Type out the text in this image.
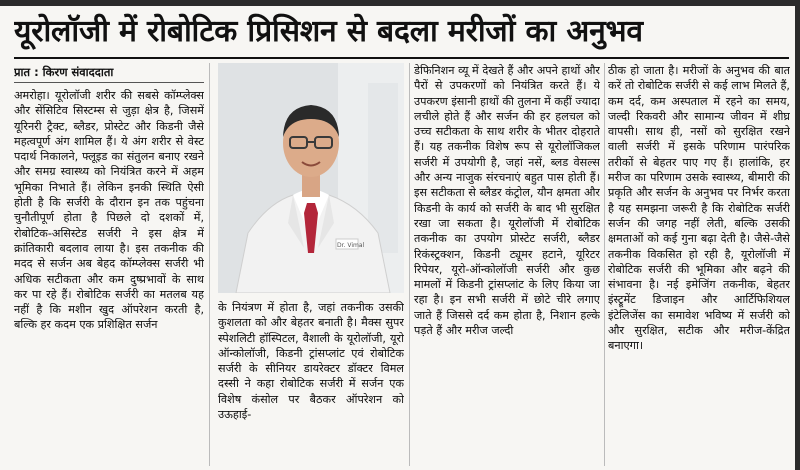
यूरोलॉजी में रोबोटिक प्रिसिशन से बदला मरीजों का अनुभव
प्रात : किरण संवाददाता
अमरोहा। यूरोलॉजी शरीर की सबसे कॉम्प्लेक्स और सेंसिटिव सिस्टम्स से जुड़ा क्षेत्र है, जिसमें यूरिनरी ट्रैक्ट, ब्लैडर, प्रोस्टेट और किडनी जैसे महत्वपूर्ण अंग शामिल हैं। ये अंग शरीर से वेस्ट पदार्थ निकालने, फ्लूइड का संतुलन बनाए रखने और समग्र स्वास्थ्य को नियंत्रित करने में अहम भूमिका निभाते हैं। लेकिन इनकी स्थिति ऐसी होती है कि सर्जरी के दौरान इन तक पहुंचना चुनौतीपूर्ण होता है पिछले दो दशकों में, रोबोटिक-असिस्टेड सर्जरी ने इस क्षेत्र में क्रांतिकारी बदलाव लाया है। इस तकनीक की मदद से सर्जन अब बेहद कॉम्प्लेक्स सर्जरी भी अधिक सटीकता और कम दुष्प्रभावों के साथ कर पा रहे हैं। रोबोटिक सर्जरी का मतलब यह नहीं है कि मशीन खुद ऑपरेशन करती है, बल्कि हर कदम एक प्रशिक्षित सर्जन
Dr. Vimal
के नियंत्रण में होता है, जहां तकनीक उसकी कुशलता को और बेहतर बनाती है। मैक्स सुपर स्पेशलिटी हॉस्पिटल, वैशाली के यूरोलॉजी, यूरो ऑन्कोलॉजी, किडनी ट्रांसप्लांट एवं रोबोटिक सर्जरी के सीनियर डायरेक्टर डॉक्टर विमल दस्सी ने कहा रोबोटिक सर्जरी में सर्जन एक विशेष कंसोल पर बैठकर ऑपरेशन को उऊहाई-
डेफिनिशन व्यू में देखते हैं और अपने हाथों और पैरों से उपकरणों को नियंत्रित करते हैं। ये उपकरण इंसानी हाथों की तुलना में कहीं ज्यादा लचीले होते हैं और सर्जन की हर हलचल को उच्च सटीकता के साथ शरीर के भीतर दोहराते हैं। यह तकनीक विशेष रूप से यूरोलॉजिकल सर्जरी में उपयोगी है, जहां नसें, ब्लड वेसल्स और अन्य नाजुक संरचनाएं बहुत पास होती हैं। इस सटीकता से ब्लैडर कंट्रोल, यौन क्षमता और किडनी के कार्य को सर्जरी के बाद भी सुरक्षित रखा जा सकता है। यूरोलॉजी में रोबोटिक तकनीक का उपयोग प्रोस्टेट सर्जरी, ब्लैडर रिकंस्ट्रक्शन, किडनी ट्यूमर हटाने, यूरिटर रिपेयर, यूरो-ऑन्कोलॉजी सर्जरी और कुछ मामलों में किडनी ट्रांसप्लांट के लिए किया जा रहा है। इन सभी सर्जरी में छोटे चीरे लगाए जाते हैं जिससे दर्द कम होता है, निशान हल्के पड़ते हैं और मरीज जल्दी
ठीक हो जाता है। मरीजों के अनुभव की बात करें तो रोबोटिक सर्जरी से कई लाभ मिलते हैं, कम दर्द, कम अस्पताल में रहने का समय, जल्दी रिकवरी और सामान्य जीवन में शीघ्र वापसी। साथ ही, नसों को सुरक्षित रखने वाली सर्जरी में इसके परिणाम पारंपरिक तरीकों से बेहतर पाए गए हैं। हालांकि, हर मरीज का परिणाम उसके स्वास्थ्य, बीमारी की प्रकृति और सर्जन के अनुभव पर निर्भर करता है यह समझना जरूरी है कि रोबोटिक सर्जरी सर्जन की जगह नहीं लेती, बल्कि उसकी क्षमताओं को कई गुना बढ़ा देती है। जैसे-जैसे तकनीक विकसित हो रही है, यूरोलॉजी में रोबोटिक सर्जरी की भूमिका और बढ़ने की संभावना है। नई इमेजिंग तकनीक, बेहतर इंस्ट्रूमेंट डिजाइन और आर्टिफिशियल इंटेलिजेंस का समावेश भविष्य में सर्जरी को और सुरक्षित, सटीक और मरीज-केंद्रित बनाएगा।
